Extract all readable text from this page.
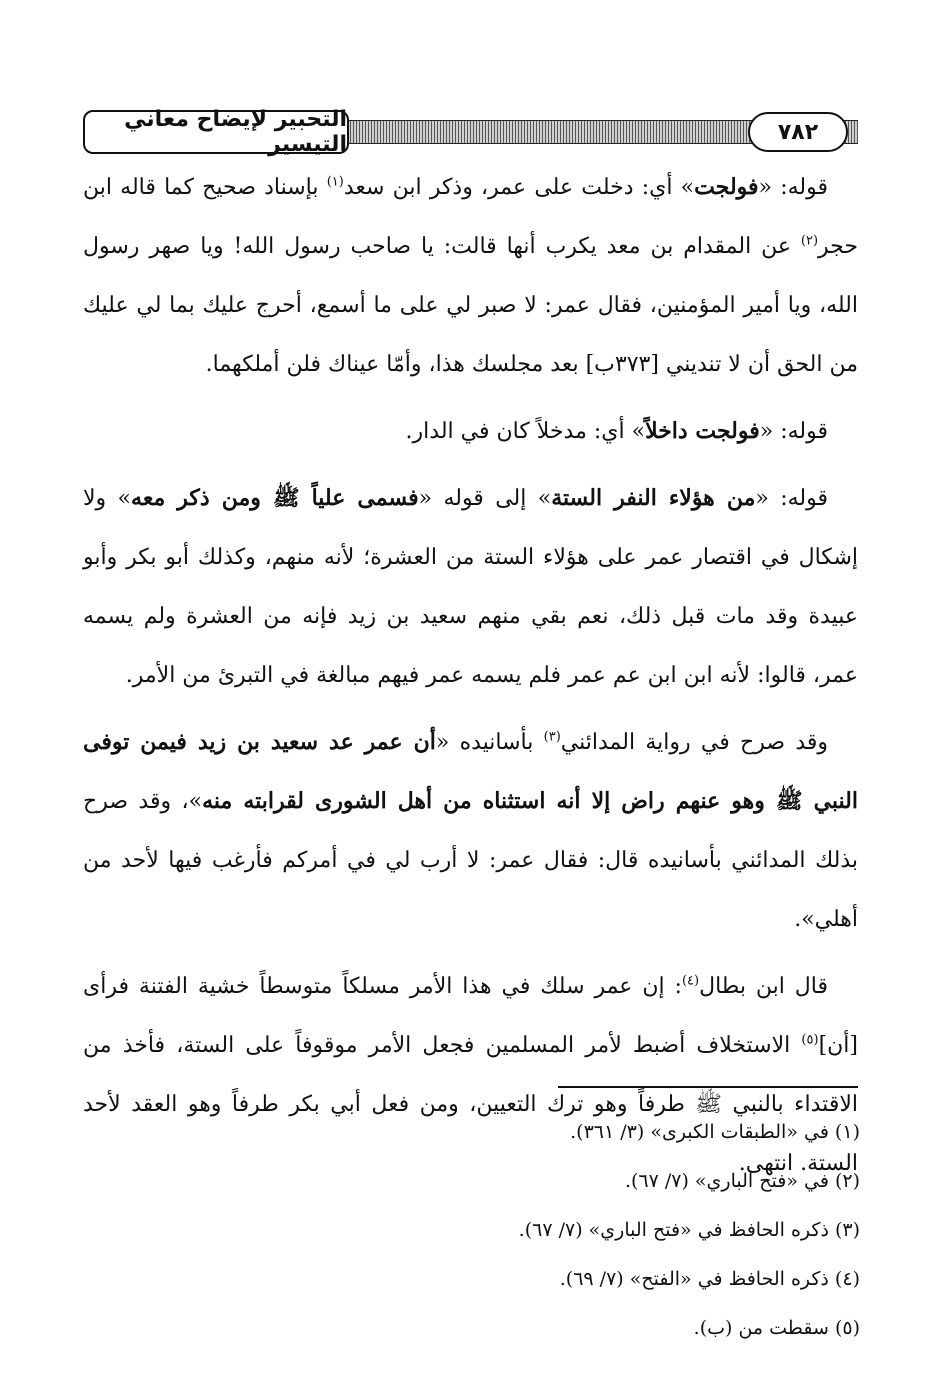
التحبير لإيضاح معاني التيسير	٧٨٢

قوله: «فولجت» أي: دخلت على عمر، وذكر ابن سعد$^{(١)}$ بإسناد صحيح كما قاله ابن حجر$^{(٢)}$ عن المقدام بن معد يكرب أنها قالت: يا صاحب رسول الله! ويا صهر رسول الله، ويا أمير المؤمنين، فقال عمر: لا صبر لي على ما أسمع، أحرج عليك بما لي عليك من الحق أن لا تنديني [٣٧٣ب] بعد مجلسك هذا، وأمّا عيناك فلن أملكهما.

قوله: «فولجت داخلاً» أي: مدخلاً كان في الدار.

قوله: «من هؤلاء النفر الستة» إلى قوله «فسمى علياً ﷺ ومن ذكر معه» ولا إشكال في اقتصار عمر على هؤلاء الستة من العشرة؛ لأنه منهم، وكذلك أبو بكر وأبو عبيدة وقد مات قبل ذلك، نعم بقي منهم سعيد بن زيد فإنه من العشرة ولم يسمه عمر، قالوا: لأنه ابن ابن عم عمر فلم يسمه عمر فيهم مبالغة في التبرئ من الأمر.

وقد صرح في رواية المدائني$^{(٣)}$ بأسانيده «أن عمر عد سعيد بن زيد فيمن توفى النبي ﷺ وهو عنهم راض إلا أنه استثناه من أهل الشورى لقرابته منه»، وقد صرح بذلك المدائني بأسانيده قال: فقال عمر: لا أرب لي في أمركم فأرغب فيها لأحد من أهلي».

قال ابن بطال$^{(٤)}$: إن عمر سلك في هذا الأمر مسلكاً متوسطاً خشية الفتنة فرأى [أن]$^{(٥)}$ الاستخلاف أضبط لأمر المسلمين فجعل الأمر موقوفاً على الستة، فأخذ من الاقتداء بالنبي ﷺ طرفاً وهو ترك التعيين، ومن فعل أبي بكر طرفاً وهو العقد لأحد الستة. انتهى.

(١) في «الطبقات الكبرى» (٣/ ٣٦١).

(٢) في «فتح الباري» (٧/ ٦٧).

(٣) ذكره الحافظ في «فتح الباري» (٧/ ٦٧).

(٤) ذكره الحافظ في «الفتح» (٧/ ٦٩).

(٥) سقطت من (ب).
